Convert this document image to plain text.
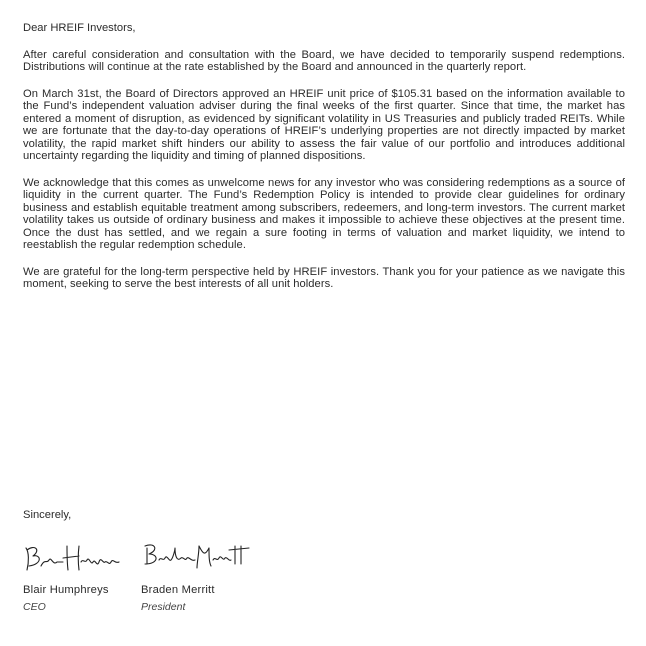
Dear HREIF Investors,

After careful consideration and consultation with the Board, we have decided to temporarily suspend redemptions. Distributions will continue at the rate established by the Board and announced in the quarterly report.

On March 31st, the Board of Directors approved an HREIF unit price of $105.31 based on the information available to the Fund’s independent valuation adviser during the final weeks of the first quarter. Since that time, the market has entered a moment of disruption, as evidenced by significant volatility in US Treasuries and publicly traded REITs. While we are fortunate that the day-to-day operations of HREIF’s underlying properties are not directly impacted by market volatility, the rapid market shift hinders our ability to assess the fair value of our portfolio and introduces additional uncertainty regarding the liquidity and timing of planned dispositions.

We acknowledge that this comes as unwelcome news for any investor who was considering redemptions as a source of liquidity in the current quarter. The Fund’s Redemption Policy is intended to provide clear guidelines for ordinary business and establish equitable treatment among subscribers, redeemers, and long-term investors. The current market volatility takes us outside of ordinary business and makes it impossible to achieve these objectives at the present time. Once the dust has settled, and we regain a sure footing in terms of valuation and market liquidity, we intend to reestablish the regular redemption schedule.

We are grateful for the long-term perspective held by HREIF investors. Thank you for your patience as we navigate this moment, seeking to serve the best interests of all unit holders.

Sincerely,
Blair Humphreys
CEO
Braden Merritt
President
